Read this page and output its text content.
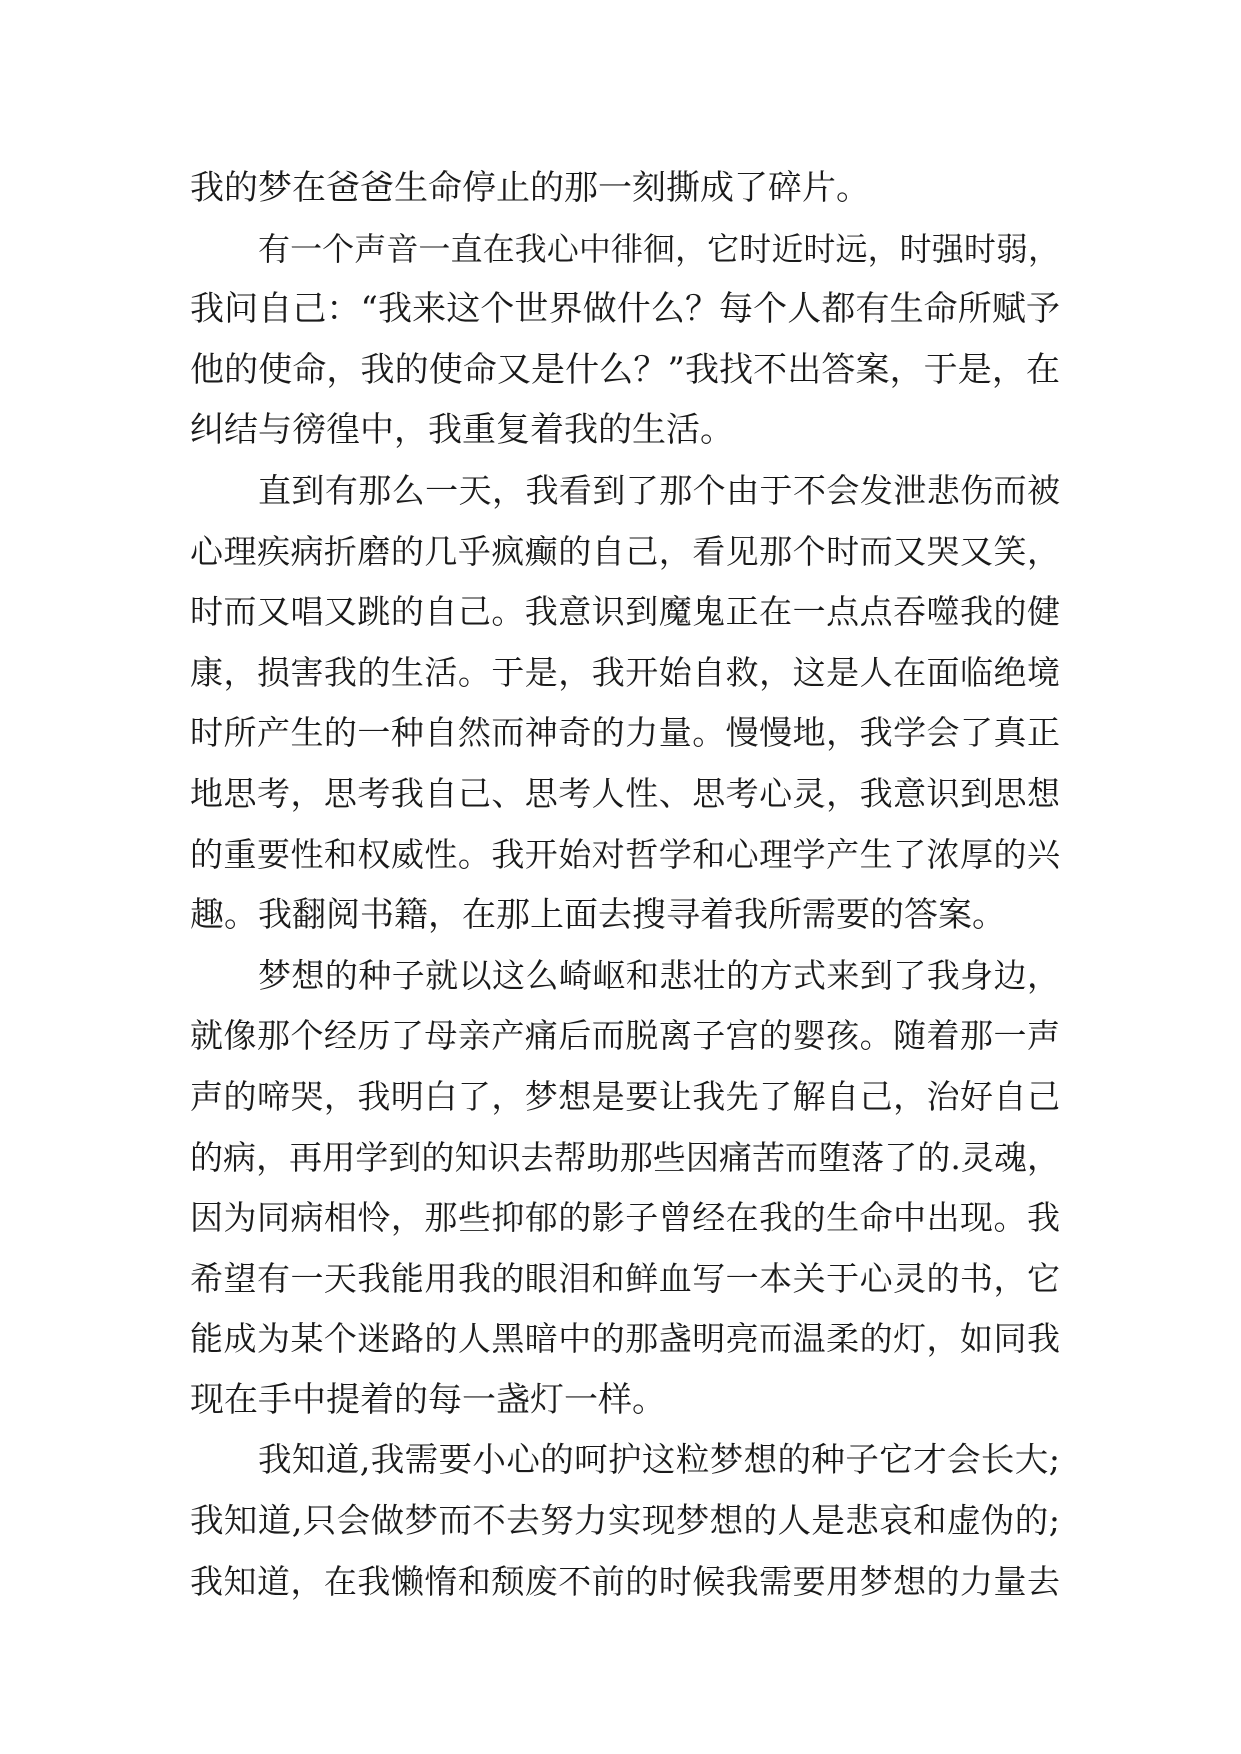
我的梦在爸爸生命停止的那一刻撕成了碎片。
有一个声音一直在我心中徘徊，它时近时远，时强时弱，
我问自己：“我来这个世界做什么？每个人都有生命所赋予
他的使命，我的使命又是什么？”我找不出答案，于是，在
纠结与徬徨中，我重复着我的生活。
直到有那么一天，我看到了那个由于不会发泄悲伤而被
心理疾病折磨的几乎疯癫的自己，看见那个时而又哭又笑，
时而又唱又跳的自己。我意识到魔鬼正在一点点吞噬我的健
康，损害我的生活。于是，我开始自救，这是人在面临绝境
时所产生的一种自然而神奇的力量。慢慢地，我学会了真正
地思考，思考我自己、思考人性、思考心灵，我意识到思想
的重要性和权威性。我开始对哲学和心理学产生了浓厚的兴
趣。我翻阅书籍，在那上面去搜寻着我所需要的答案。
梦想的种子就以这么崎岖和悲壮的方式来到了我身边，
就像那个经历了母亲产痛后而脱离子宫的婴孩。随着那一声
声的啼哭，我明白了，梦想是要让我先了解自己，治好自己
的病，再用学到的知识去帮助那些因痛苦而堕落了的.灵魂，
因为同病相怜，那些抑郁的影子曾经在我的生命中出现。我
希望有一天我能用我的眼泪和鲜血写一本关于心灵的书，它
能成为某个迷路的人黑暗中的那盏明亮而温柔的灯，如同我
现在手中提着的每一盏灯一样。
我知道,我需要小心的呵护这粒梦想的种子它才会长大;
我知道,只会做梦而不去努力实现梦想的人是悲哀和虚伪的;
我知道，在我懒惰和颓废不前的时候我需要用梦想的力量去
